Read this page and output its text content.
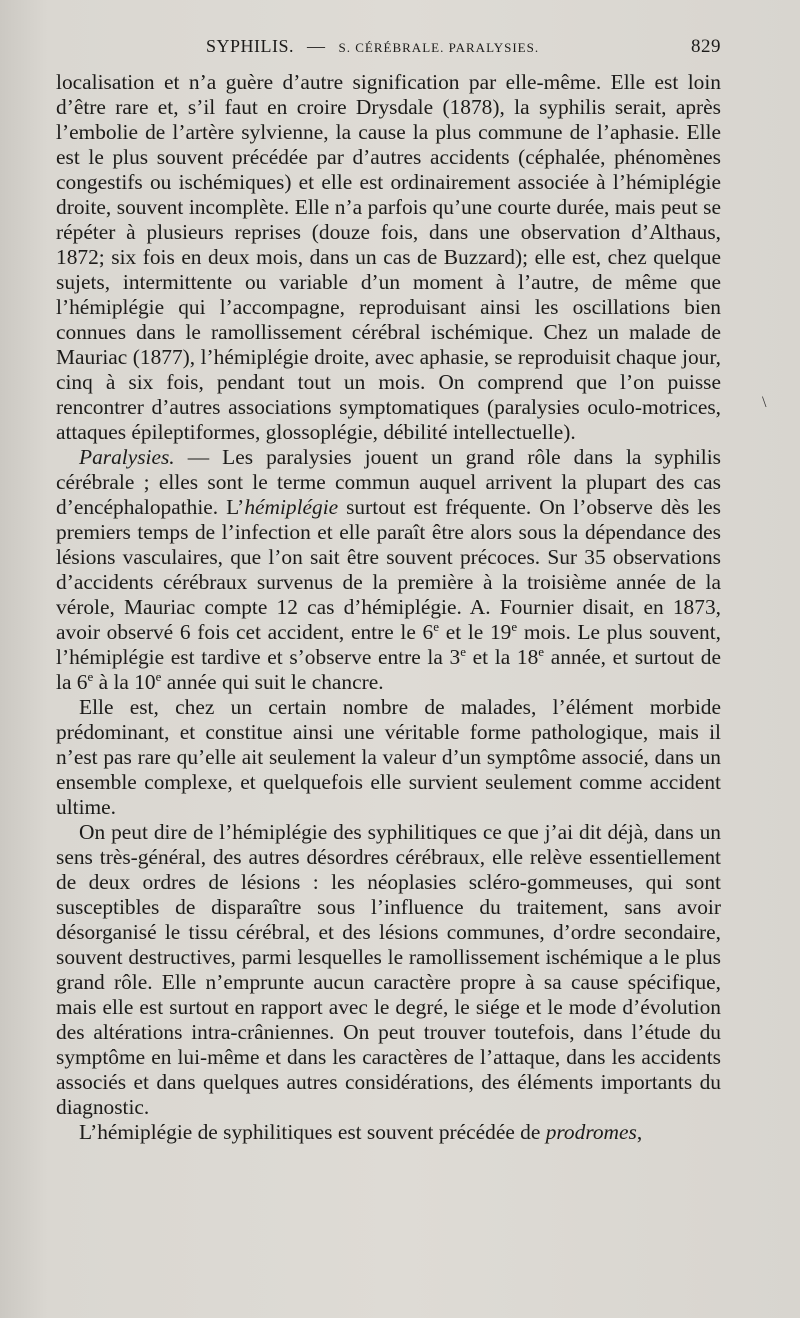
SYPHILIS. — S. CÉRÉBRALE. PARALYSIES.	829
\

localisation et n’a guère d’autre signification par elle-même. Elle est loin d’être rare et, s’il faut en croire Drysdale (1878), la syphilis serait, après l’embolie de l’artère sylvienne, la cause la plus commune de l’aphasie. Elle est le plus souvent précédée par d’autres accidents (céphalée, phénomènes congestifs ou ischémiques) et elle est ordinairement associée à l’hémiplégie droite, souvent incomplète. Elle n’a parfois qu’une courte durée, mais peut se répéter à plusieurs reprises (douze fois, dans une observation d’Althaus, 1872; six fois en deux mois, dans un cas de Buzzard); elle est, chez quelque sujets, intermittente ou variable d’un moment à l’autre, de même que l’hémiplégie qui l’accompagne, reproduisant ainsi les oscillations bien connues dans le ramollissement cérébral ischémique. Chez un malade de Mauriac (1877), l’hémiplégie droite, avec aphasie, se reproduisit chaque jour, cinq à six fois, pendant tout un mois. On comprend que l’on puisse rencontrer d’autres associations symptomatiques (paralysies oculo-motrices, attaques épileptiformes, glossoplégie, débilité intellectuelle).

Paralysies. — Les paralysies jouent un grand rôle dans la syphilis cérébrale ; elles sont le terme commun auquel arrivent la plupart des cas d’encéphalopathie. L’hémiplégie surtout est fréquente. On l’observe dès les premiers temps de l’infection et elle paraît être alors sous la dépendance des lésions vasculaires, que l’on sait être souvent précoces. Sur 35 observations d’accidents cérébraux survenus de la première à la troisième année de la vérole, Mauriac compte 12 cas d’hémiplégie. A. Fournier disait, en 1873, avoir observé 6 fois cet accident, entre le 6e et le 19e mois. Le plus souvent, l’hémiplégie est tardive et s’observe entre la 3e et la 18e année, et surtout de la 6e à la 10e année qui suit le chancre.

Elle est, chez un certain nombre de malades, l’élément morbide prédominant, et constitue ainsi une véritable forme pathologique, mais il n’est pas rare qu’elle ait seulement la valeur d’un symptôme associé, dans un ensemble complexe, et quelquefois elle survient seulement comme accident ultime.

On peut dire de l’hémiplégie des syphilitiques ce que j’ai dit déjà, dans un sens très-général, des autres désordres cérébraux, elle relève essentiellement de deux ordres de lésions : les néoplasies scléro-gommeuses, qui sont susceptibles de disparaître sous l’influence du traitement, sans avoir désorganisé le tissu cérébral, et des lésions communes, d’ordre secondaire, souvent destructives, parmi lesquelles le ramollissement ischémique a le plus grand rôle. Elle n’emprunte aucun caractère propre à sa cause spécifique, mais elle est surtout en rapport avec le degré, le siége et le mode d’évolution des altérations intra-crâniennes. On peut trouver toutefois, dans l’étude du symptôme en lui-même et dans les caractères de l’attaque, dans les accidents associés et dans quelques autres considérations, des éléments importants du diagnostic.

L’hémiplégie de syphilitiques est souvent précédée de prodromes,
